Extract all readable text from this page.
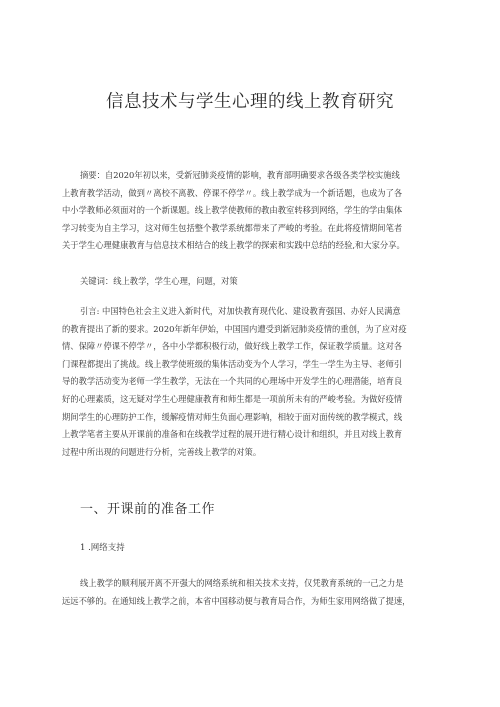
信息技术与学生心理的线上教育研究
摘要：自2020年初以来，受新冠肺炎疫情的影响，教育部明确要求各级各类学校实施线
上教育教学活动，做到〃离校不离教、停课不停学〃。线上教学成为一个新话题，也成为了各
中小学教师必须面对的一个新课题。线上教学使教师的教由教室转移到网络，学生的学由集体
学习转变为自主学习，这对师生包括整个教学系统都带来了严峻的考验。在此将疫情期间笔者
关于学生心理健康教育与信息技术相结合的线上教学的探索和实践中总结的经验,和大家分享。
关键词：线上教学，学生心理，问题，对策
引言: 中国特色社会主义进入新时代，对加快教育现代化、建设教育强国、办好人民满意
的教育提出了新的要求。2020年新年伊始，中国国内遭受到新冠肺炎疫情的重创，为了应对疫
情、保障〃停课不停学〃，各中小学都积极行动，做好线上教学工作，保证教学质量。这对各
门课程都提出了挑战。线上教学使班级的集体活动变为个人学习，学生一学生为主导、老师引
导的教学活动变为老师一学生教学，无法在一个共同的心理场中开发学生的心理潜能，培育良
好的心理素质，这无疑对学生心理健康教育和师生都是一项前所未有的严峻考验。为做好疫情
期间学生的心理防护工作，缓解疫情对师生负面心理影响，相较于面对面传统的教学模式，线
上教学笔者主要从开课前的准备和在线教学过程的展开进行精心设计和组织，并且对线上教育
过程中所出现的问题进行分析，完善线上教学的对策。
一、开课前的准备工作
1 .网络支持
线上教学的顺利展开离不开强大的网络系统和相关技术支持，仅凭教育系统的一己之力是
远远不够的。在通知线上教学之前，本省中国移动便与教育局合作，为师生家用网络做了提速，
